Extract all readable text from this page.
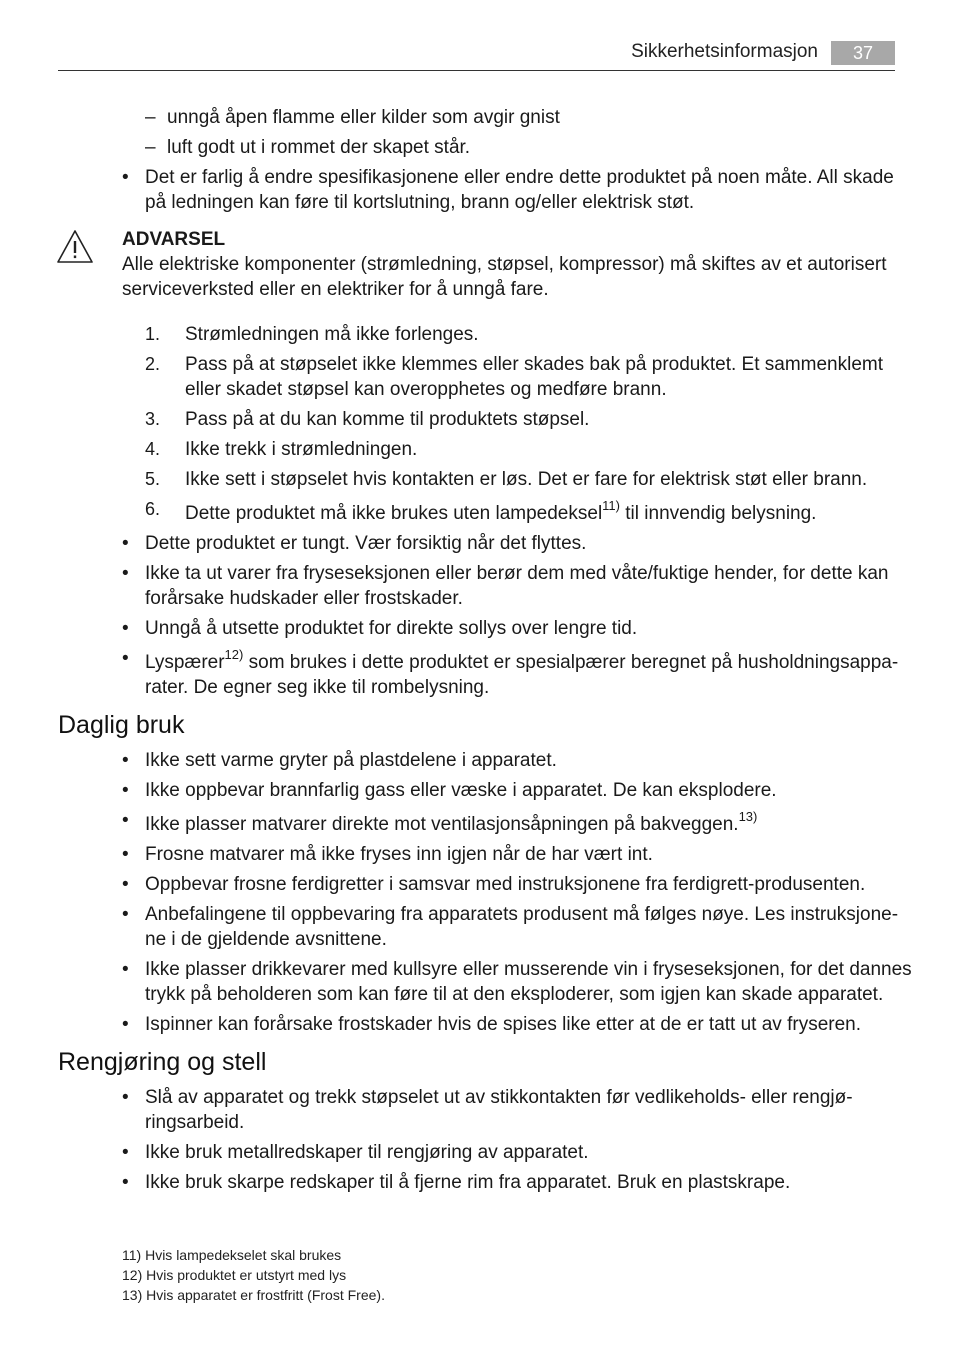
Sikkerhetsinformasjon	37
– unngå åpen flamme eller kilder som avgir gnist
– luft godt ut i rommet der skapet står.
• Det er farlig å endre spesifikasjonene eller endre dette produktet på noen måte. All skade
på ledningen kan føre til kortslutning, brann og/eller elektrisk støt.
ADVARSEL
Alle elektriske komponenter (strømledning, støpsel, kompressor) må skiftes av et autorisert
serviceverksted eller en elektriker for å unngå fare.
1. Strømledningen må ikke forlenges.
2. Pass på at støpselet ikke klemmes eller skades bak på produktet. Et sammenklemt
eller skadet støpsel kan overopphetes og medføre brann.
3. Pass på at du kan komme til produktets støpsel.
4. Ikke trekk i strømledningen.
5. Ikke sett i støpselet hvis kontakten er løs. Det er fare for elektrisk støt eller brann.
6. Dette produktet må ikke brukes uten lampedeksel$^{11)}$ til innvendig belysning.
• Dette produktet er tungt. Vær forsiktig når det flyttes.
• Ikke ta ut varer fra fryseseksjonen eller berør dem med våte/fuktige hender, for dette kan
forårsake hudskader eller frostskader.
• Unngå å utsette produktet for direkte sollys over lengre tid.
• Lyspærer$^{12)}$ som brukes i dette produktet er spesialpærer beregnet på husholdningsappa-
rater. De egner seg ikke til rombelysning.
Daglig bruk
• Ikke sett varme gryter på plastdelene i apparatet.
• Ikke oppbevar brannfarlig gass eller væske i apparatet. De kan eksplodere.
• Ikke plasser matvarer direkte mot ventilasjonsåpningen på bakveggen.$^{13)}$
• Frosne matvarer må ikke fryses inn igjen når de har vært int.
• Oppbevar frosne ferdigretter i samsvar med instruksjonene fra ferdigrett-produsenten.
• Anbefalingene til oppbevaring fra apparatets produsent må følges nøye. Les instruksjone-
ne i de gjeldende avsnittene.
• Ikke plasser drikkevarer med kullsyre eller musserende vin i fryseseksjonen, for det dannes
trykk på beholderen som kan føre til at den eksploderer, som igjen kan skade apparatet.
• Ispinner kan forårsake frostskader hvis de spises like etter at de er tatt ut av fryseren.
Rengjøring og stell
• Slå av apparatet og trekk støpselet ut av stikkontakten før vedlikeholds- eller rengjø-
ringsarbeid.
• Ikke bruk metallredskaper til rengjøring av apparatet.
• Ikke bruk skarpe redskaper til å fjerne rim fra apparatet. Bruk en plastskrape.
11) Hvis lampedekselet skal brukes
12) Hvis produktet er utstyrt med lys
13) Hvis apparatet er frostfritt (Frost Free).
